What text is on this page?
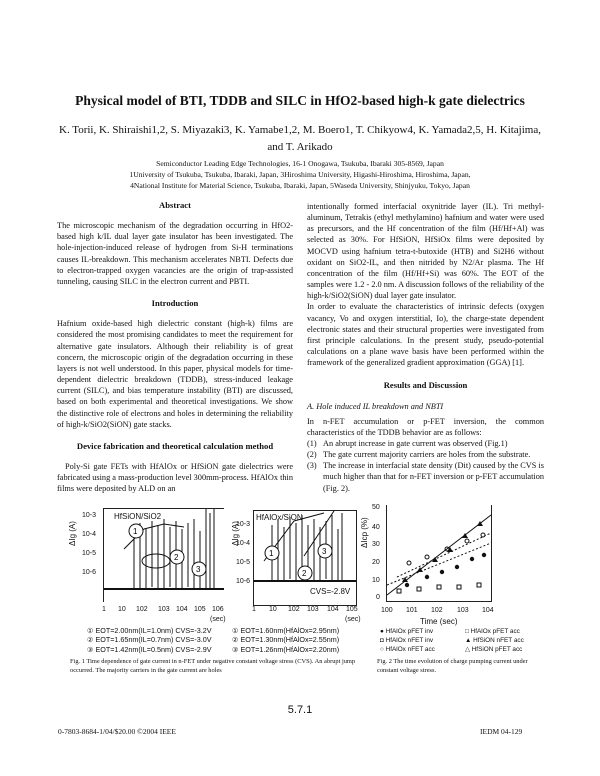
Physical model of BTI, TDDB and SILC in HfO2-based high-k gate dielectrics
K. Torii, K. Shiraishi1,2, S. Miyazaki3, K. Yamabe1,2, M. Boero1, T. Chikyow4, K. Yamada2,5, H. Kitajima,
and T. Arikado
Semiconductor Leading Edge Technologies, 16-1 Onogawa, Tsukuba, Ibaraki 305-8569, Japan
1University of Tsukuba, Tsukuba, Ibaraki, Japan, 3Hiroshima University, Higashi-Hiroshima, Hiroshima, Japan,
4National Institute for Material Science, Tsukuba, Ibaraki, Japan, 5Waseda University, Shinjyuku, Tokyo, Japan
Abstract

The microscopic mechanism of the degradation occurring in HfO2-based high k/IL dual layer gate insulator has been investigated. The hole-injection-induced release of hydrogen from Si-H terminations causes IL-breakdown. This mechanism accelerates NBTI. Defects due to electron-trapped oxygen vacancies are the origin of trap-assisted tunneling, causing SILC in the electron current and PBTI.

Introduction

Hafnium oxide-based high dielectric constant (high-k) films are considered the most promising candidates to meet the requirement for alternative gate insulators. Although their reliability is of great concern, the microscopic origin of the degradation occurring in these layers is not well understood. In this paper, physical models for time-dependent dielectric breakdown (TDDB), stress-induced leakage current (SILC), and bias temperature instability (BTI) are discussed, based on both experimental and theoretical investigations. We show the distinctive role of electrons and holes in determining the reliability of high-k/SiO2(SiON) gate stacks.

Device fabrication and theoretical calculation method

Poly-Si gate FETs with HfAlOx or HfSiON gate dielectrics were fabricated using a mass-production level 300mm-process. HfAlOx thin films were deposited by ALD on an

intentionally formed interfacial oxynitride layer (IL). Tri methyl-aluminum, Tetrakis (ethyl methylamino) hafnium and water were used as precursors, and the Hf concentration of the film (Hf/Hf+Al) was selected as 30%. For HfSiON, HfSiOx films were deposited by MOCVD using hafnium tetra-t-butoxide (HTB) and Si2H6 without oxidant on SiO2-IL, and then nitrided by N2/Ar plasma. The Hf concentration of the film (Hf/Hf+Si) was 60%. The EOT of the samples were 1.2 - 2.0 nm. A discussion follows of the reliability of the high-k/SiO2(SiON) dual layer gate insulator.

In order to evaluate the characteristics of intrinsic defects (oxygen vacancy, Vo and oxygen interstitial, Io), the charge-state dependent electronic states and their structural properties were investigated from first principle calculations. In the present study, pseudo-potential calculations on a plane wave basis have been performed within the framework of the generalized gradient approximation (GGA) [1].

Results and Discussion
A. Hole induced IL breakdown and NBTI

In n-FET accumulation or p-FET inversion, the common characteristics of the TDDB behavior are as follows:

(1) An abrupt increase in gate current was observed (Fig.1)
(2) The gate current majority carriers are holes from the substrate.
(3) The increase in interfacial state density (Dit) caused by the CVS is much higher than that for n-FET inversion or p-FET accumulation (Fig. 2).
ΔIg (A)	1
2
3
HfSiON/SiO2
10-3
10-4
10-5
10-6
1 10 102 103 104 105 106
(sec)
ΔIg (A)
1
2
3
HfAlOx/SiON
CVS=-2.8V
10-3
10-4
10-5
10-6
1 10 102 103 104 105
(sec)
① EOT=2.00nm(IL=1.0nm) CVS=-3.2V
② EOT=1.65nm(IL=0.7nm) CVS=-3.0V
③ EOT=1.42nm(IL=0.5nm) CVS=-2.9V
① EOT=1.60nm(HfAlOx=2.95nm)
② EOT=1.30nm(HfAlOx=2.55nm)
③ EOT=1.26nm(HfAlOx=2.20nm)
Fig. 1 Time dependence of gate current in n-FET under negative constant voltage stress (CVS). An abrupt jump occurred. The majority carriers in the gate current are holes
ΔIcp (%)
50
40
30
20
10
0
100 101 102 103 104
Time (sec)
● HfAlOx pFET inv	□ HfAlOx pFET acc
◘ HfAlOx nFET inv	▲ HfSiON nFET acc
○ HfAlOx nFET acc	△ HfSiON pFET acc
Fig. 2 The time evolution of charge pumping current under constant voltage stress.
5.7.1
0-7803-8684-1/04/$20.00 ©2004 IEEE	IEDM 04-129
